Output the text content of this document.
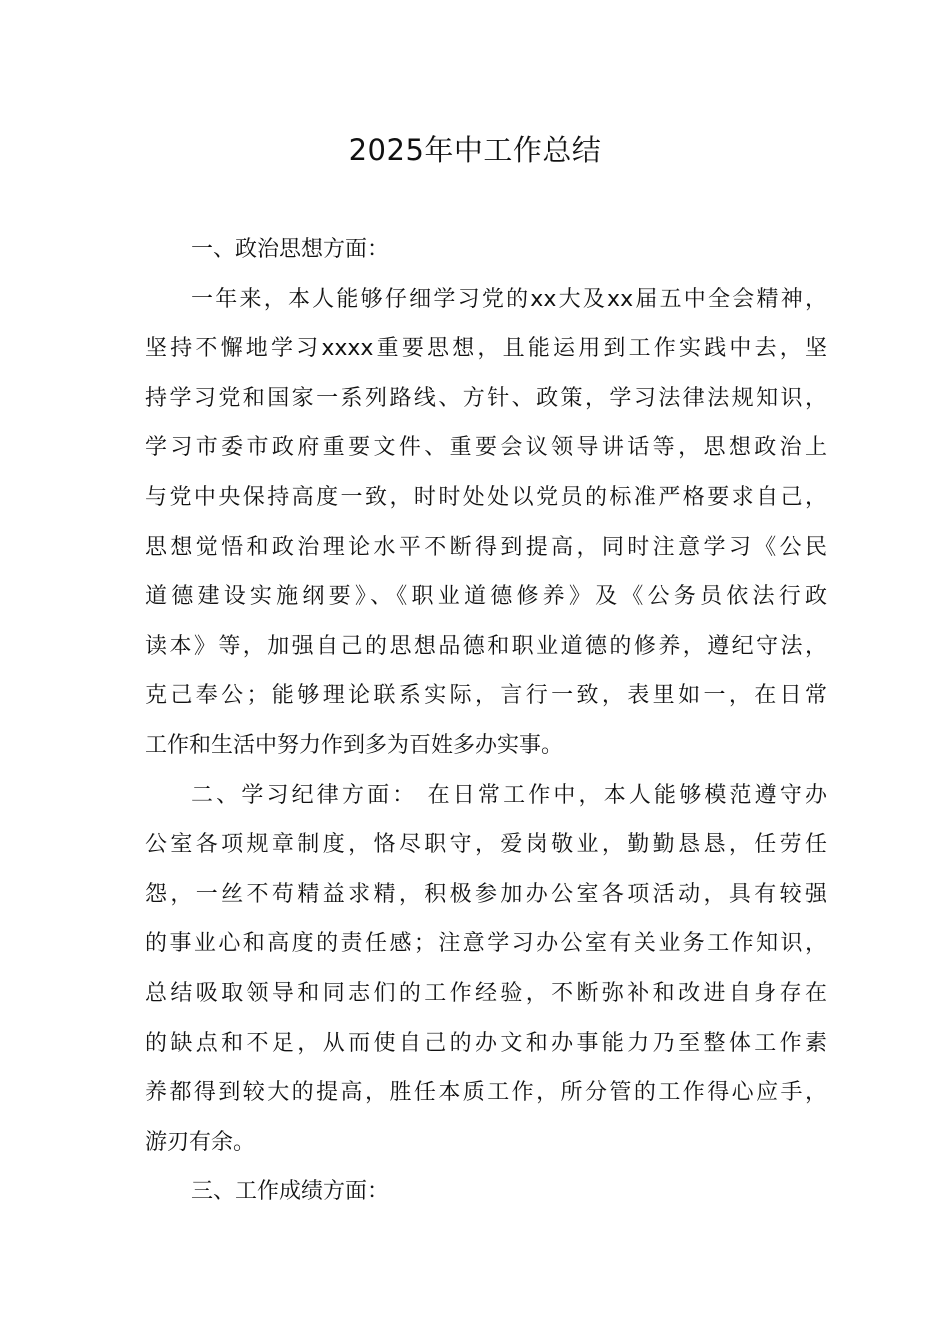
2025年中工作总结
一、政治思想方面：
一年来，本人能够仔细学习党的xx大及xx届五中全会精神，
坚持不懈地学习xxxx重要思想，且能运用到工作实践中去，坚
持学习党和国家一系列路线、方针、政策，学习法律法规知识，
学习市委市政府重要文件、重要会议领导讲话等，思想政治上
与党中央保持高度一致，时时处处以党员的标准严格要求自己，
思想觉悟和政治理论水平不断得到提高，同时注意学习《公民
道德建设实施纲要》、《职业道德修养》及《公务员依法行政
读本》等，加强自己的思想品德和职业道德的修养，遵纪守法，
克己奉公；能够理论联系实际，言行一致，表里如一，在日常
工作和生活中努力作到多为百姓多办实事。
二、学习纪律方面： 在日常工作中，本人能够模范遵守办
公室各项规章制度，恪尽职守，爱岗敬业，勤勤恳恳，任劳任
怨，一丝不苟精益求精，积极参加办公室各项活动，具有较强
的事业心和高度的责任感；注意学习办公室有关业务工作知识，
总结吸取领导和同志们的工作经验，不断弥补和改进自身存在
的缺点和不足，从而使自己的办文和办事能力乃至整体工作素
养都得到较大的提高，胜任本质工作，所分管的工作得心应手，
游刃有余。
三、工作成绩方面：
